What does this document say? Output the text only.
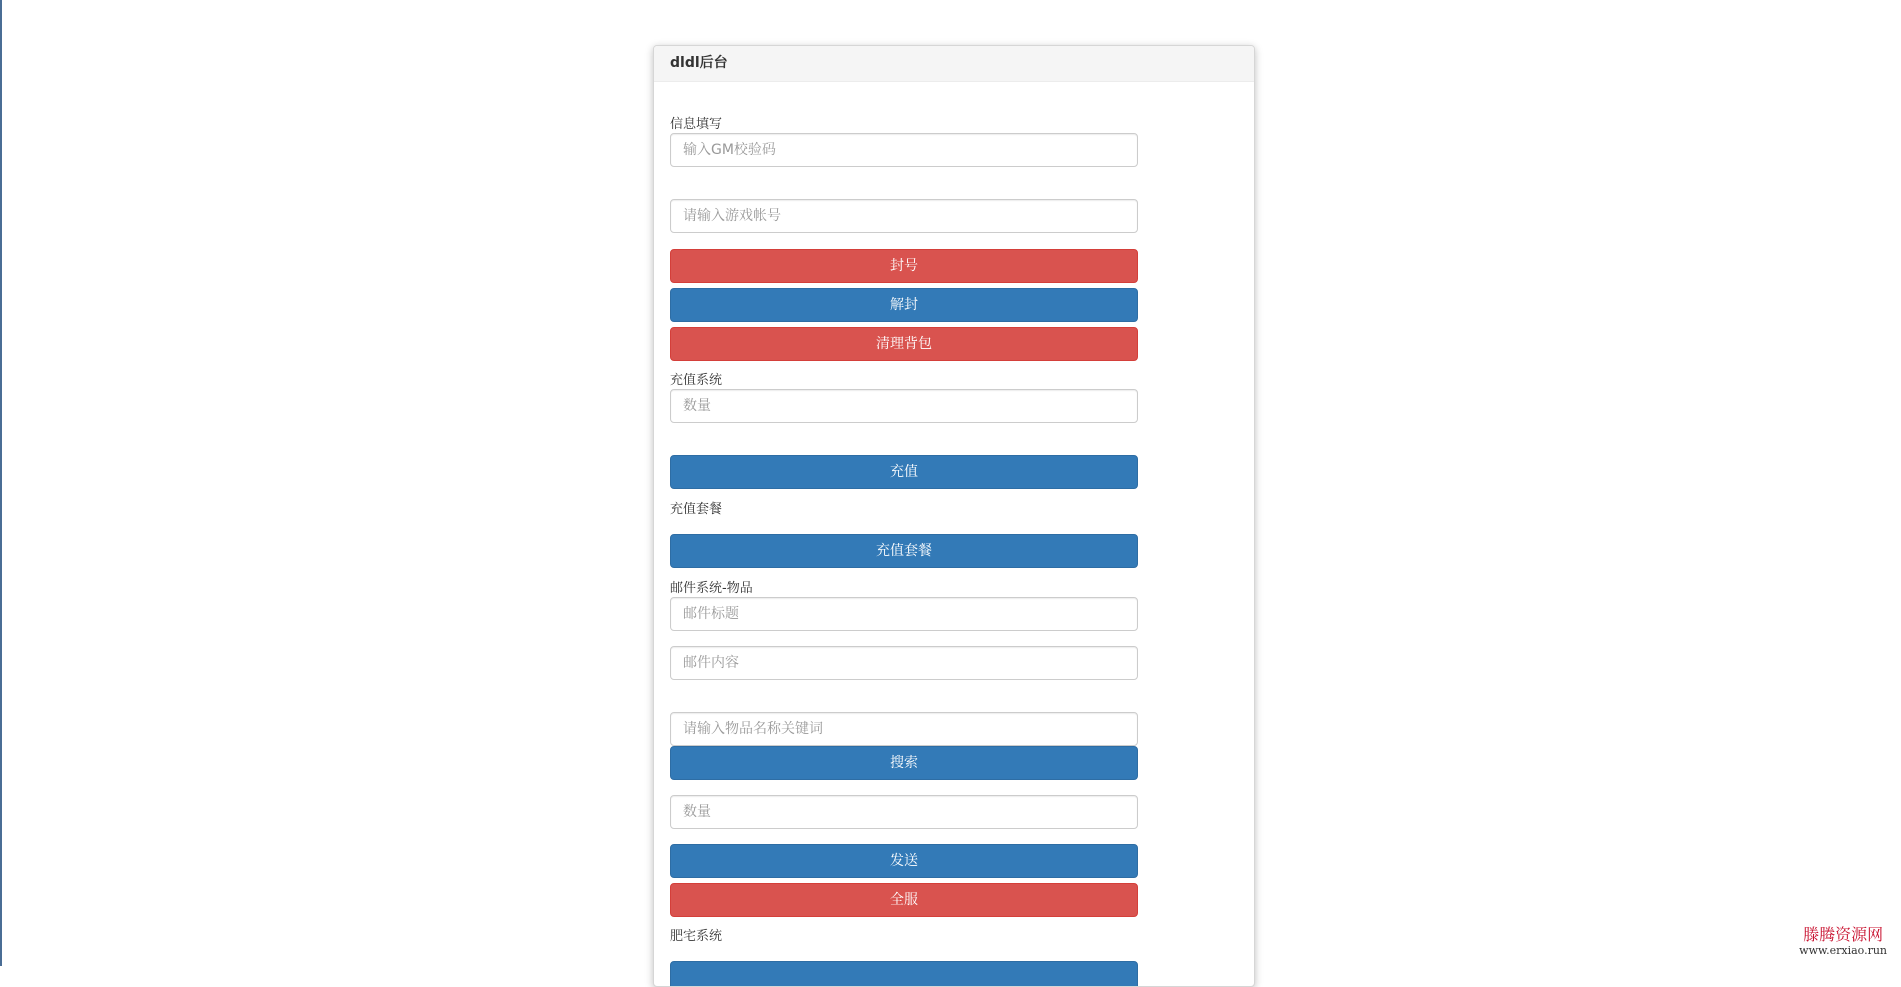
dldl后台
信息填写
输入GM校验码
请输入游戏帐号
封号
解封
清理背包
充值系统
数量
充值
充值套餐
充值套餐
邮件系统-物品
邮件标题
邮件内容
请输入物品名称关键词
搜索
数量
发送
全服
肥宅系统
滕腾资源网
www.erxiao.run
